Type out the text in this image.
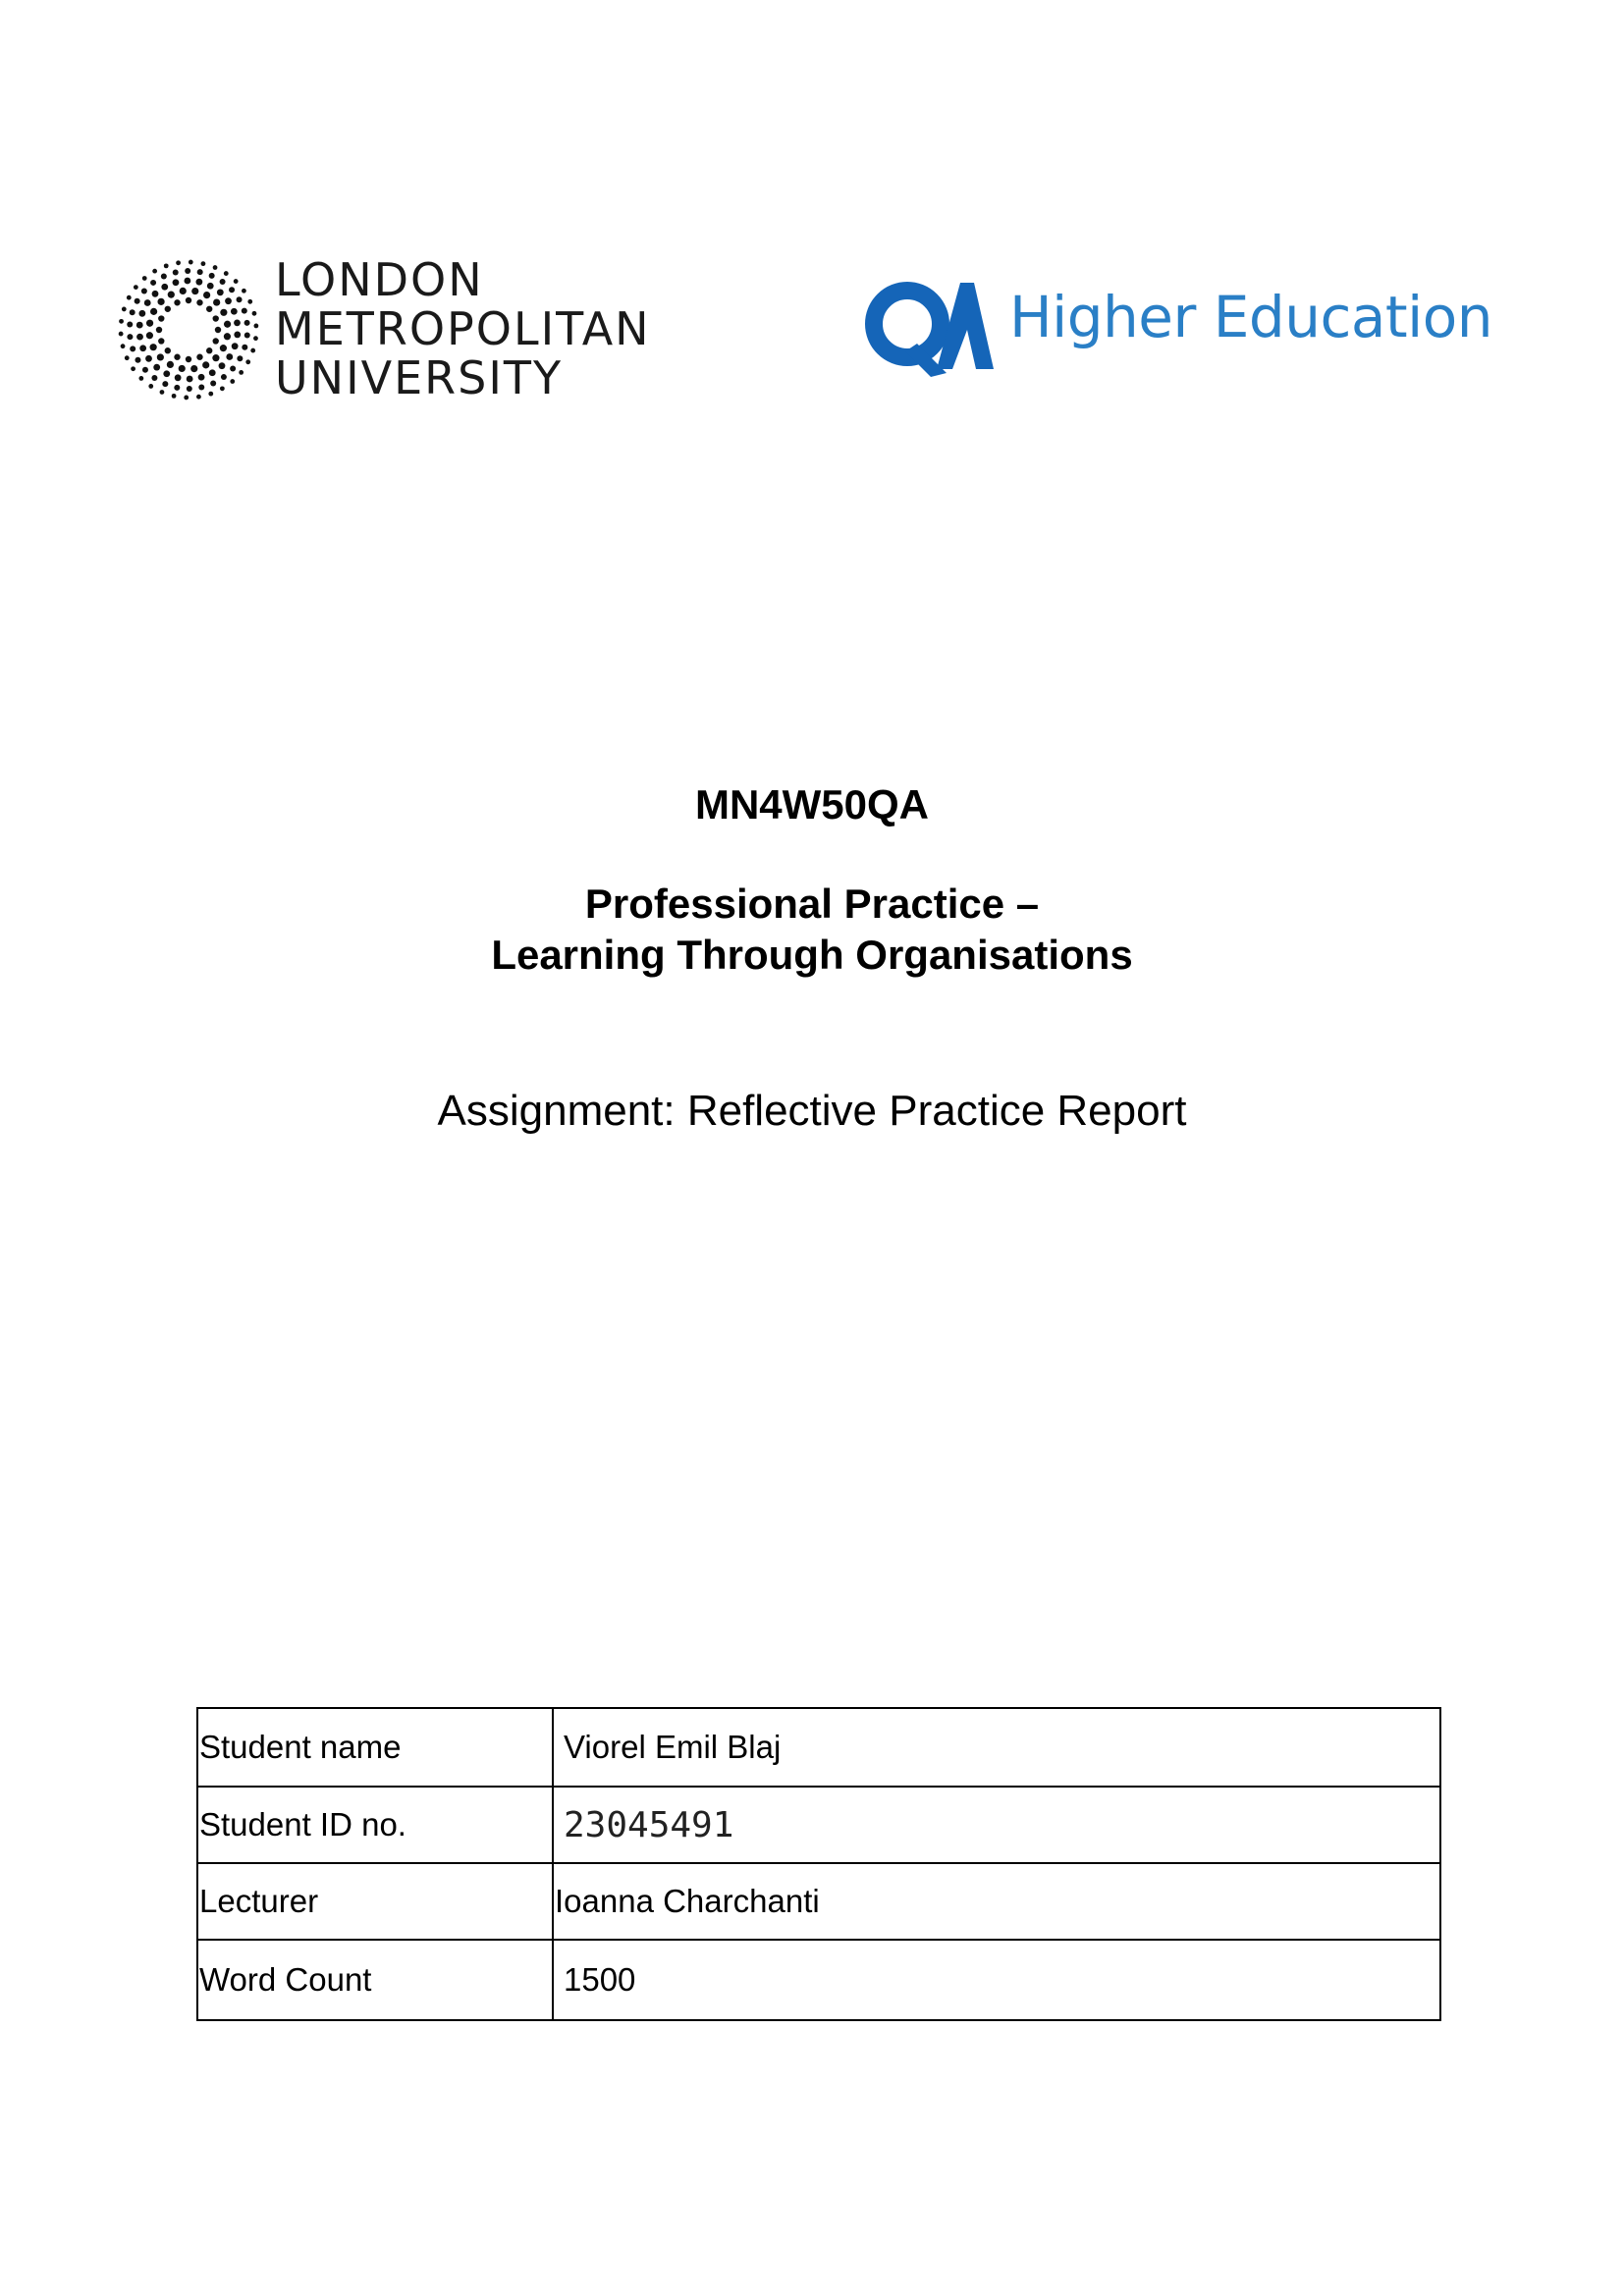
LONDON
METROPOLITAN
UNIVERSITY
Higher Education
MN4W50QA
Professional Practice –
Learning Through Organisations
Assignment: Reflective Practice Report
Student name	Viorel Emil Blaj
Student ID no.	23045491
Lecturer	Ioanna Charchanti
Word Count	1500
